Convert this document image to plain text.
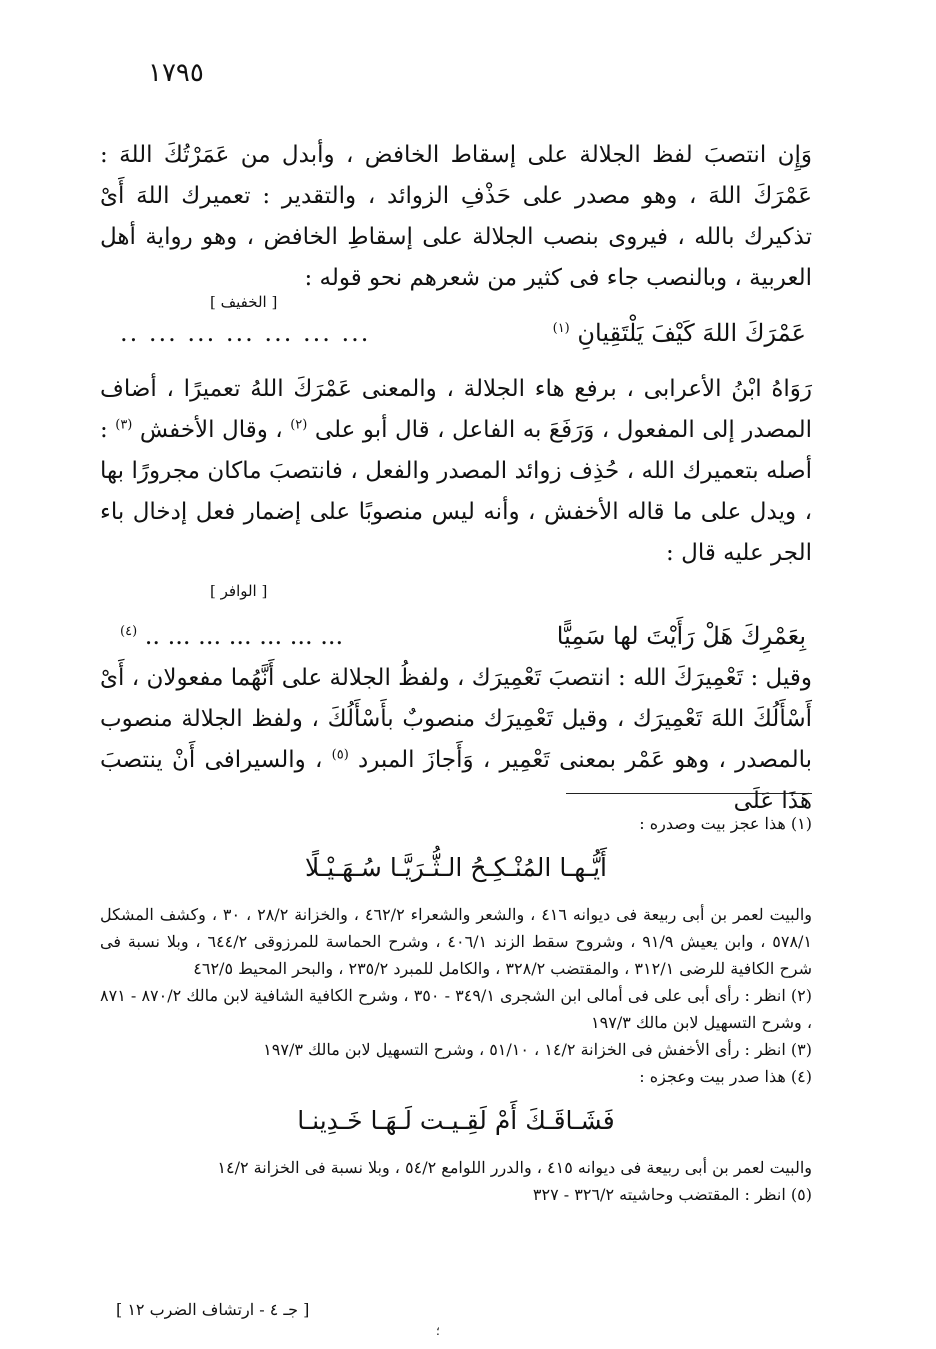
١٧٩٥

وَإِن انتصبَ لفظ الجلالة على إسقاط الخافض ، وأبدل من عَمَرْتُكَ اللهَ : عَمْرَكَ اللهَ ، وهو مصدر على حَذْفِ الزوائد ، والتقدير : تعميرك اللهَ أَىْ تذكيرك بالله ، فيروى بنصب الجلالة على إسقاطِ الخافض ، وهو رواية أهل العربية ، وبالنصب جاء فى كثير من شعرهم نحو قوله :

[ الخفيف ]
عَمْرَكَ اللهَ كَيْفَ يَلْتَقِيانِ $^{(١)}$
... ... ... ... ... ... ..

رَوَاهُ ابْنُ الأعرابى ، برفع هاء الجلالة ، والمعنى عَمْرَكَ اللهُ تعميرًا ، أضاف المصدر إلى المفعول ، وَرَفَعَ به الفاعل ، قال أبو على $^{(٢)}$ ، وقال الأخفش $^{(٣)}$ : أصله بتعميرك الله ، حُذِف زوائد المصدر والفعل ، فانتصبَ ماكان مجرورًا بها ، ويدل على ما قاله الأخفش ، وأنه ليس منصوبًا على إضمار فعل إدخال باء الجر عليه قال :

[ الوافر ]
بِعَمْرِكَ هَلْ رَأَيْتَ لها سَمِيًّا
... ... ... ... ... ... .. $^{(٤)}$

وقيل : تَعْمِيرَكَ الله : انتصبَ تَعْمِيرَك ، ولفظُ الجلالة على أَنَّهُما مفعولان ، أَىْ أَسْأَلُكَ اللهَ تَعْمِيرَك ، وقيل تَعْمِيرَك منصوبٌ بأَسْأَلُكَ ، ولفظ الجلالة منصوب بالمصدر ، وهو عَمْر بمعنى تَعْمِير ، وَأَجازَ المبرد $^{(٥)}$ ، والسيرافى أَنْ ينتصبَ هَذَا عَلَى

(١) هذا عجز بيت وصدره :

أَيُّـهـا المُنْـكِـحُ الـثُّـرَيَّـا سُـهَـيْـلًا

والبيت لعمر بن أبى ربيعة فى ديوانه ٤١٦ ، والشعر والشعراء ٤٦٢/٢ ، والخزانة ٢٨/٢ ، ٣٠ ، وكشف المشكل ٥٧٨/١ ، وابن يعيش ٩١/٩ ، وشروح سقط الزند ٤٠٦/١ ، وشرح الحماسة للمرزوقى ٦٤٤/٢ ، وبلا نسبة فى شرح الكافية للرضى ٣١٢/١ ، والمقتضب ٣٢٨/٢ ، والكامل للمبرد ٢٣٥/٢ ، والبحر المحيط ٤٦٢/٥

(٢) انظر : رأى أبى على فى أمالى ابن الشجرى ٣٤٩/١ - ٣٥٠ ، وشرح الكافية الشافية لابن مالك ٨٧٠/٢ - ٨٧١ ، وشرح التسهيل لابن مالك ١٩٧/٣

(٣) انظر : رأى الأخفش فى الخزانة ١٤/٢ ، ٥١/١٠ ، وشرح التسهيل لابن مالك ١٩٧/٣

(٤) هذا صدر بيت وعجزه :

فَشَـاقَـكَ أَمْ لَقِـيـت لَـهَـا خَـدِينـا

والبيت لعمر بن أبى ربيعة فى ديوانه ٤١٥ ، والدرر اللوامع ٥٤/٢ ، وبلا نسبة فى الخزانة ١٤/٢

(٥) انظر : المقتضب وحاشيته ٣٢٦/٢ - ٣٢٧

[ جـ ٤ - ارتشاف الضرب ١٢ ]
؛
